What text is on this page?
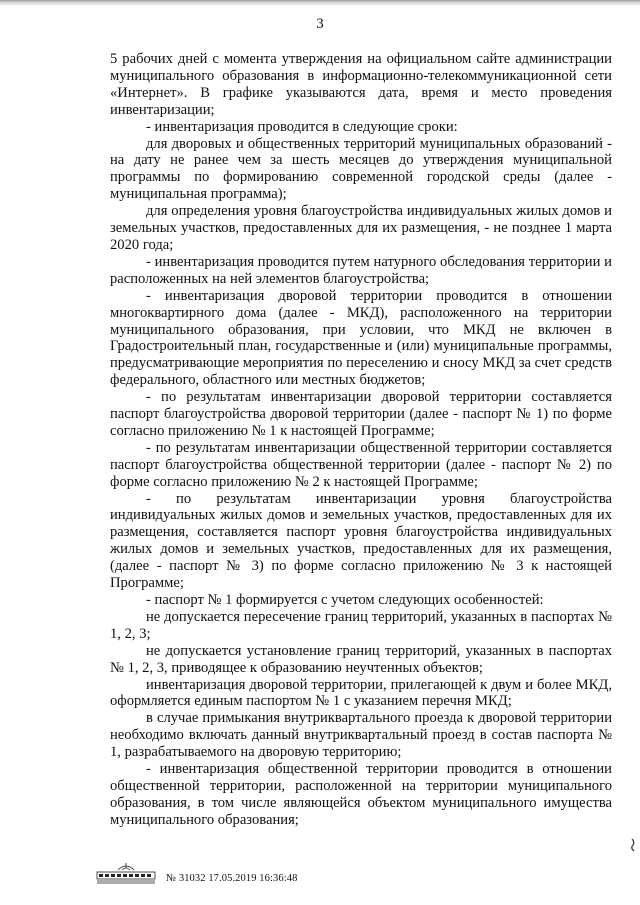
3

5 рабочих дней с момента утверждения на официальном сайте администрации муниципального образования в информационно-телекоммуникационной сети «Интернет». В графике указываются дата, время и место проведения инвентаризации;

- инвентаризация проводится в следующие сроки:

для дворовых и общественных территорий муниципальных образований - на дату не ранее чем за шесть месяцев до утверждения муниципальной программы по формированию современной городской среды (далее - муниципальная программа);

для определения уровня благоустройства индивидуальных жилых домов и земельных участков, предоставленных для их размещения, - не позднее 1 марта 2020 года;

- инвентаризация проводится путем натурного обследования территории и расположенных на ней элементов благоустройства;

- инвентаризация дворовой территории проводится в отношении многоквартирного дома (далее - МКД), расположенного на территории муниципального образования, при условии, что МКД не включен в Градостроительный план, государственные и (или) муниципальные программы, предусматривающие мероприятия по переселению и сносу МКД за счет средств федерального, областного или местных бюджетов;

- по результатам инвентаризации дворовой территории составляется паспорт благоустройства дворовой территории (далее - паспорт № 1) по форме согласно приложению № 1 к настоящей Программе;

- по результатам инвентаризации общественной территории составляется паспорт благоустройства общественной территории (далее - паспорт № 2) по форме согласно приложению № 2 к настоящей Программе;

- по результатам инвентаризации уровня благоустройства индивидуальных жилых домов и земельных участков, предоставленных для их размещения, составляется паспорт уровня благоустройства индивидуальных жилых домов и земельных участков, предоставленных для их размещения, (далее - паспорт № 3) по форме согласно приложению № 3 к настоящей Программе;

- паспорт № 1 формируется с учетом следующих особенностей:

не допускается пересечение границ территорий, указанных в паспортах № 1, 2, 3;

не допускается установление границ территорий, указанных в паспортах № 1, 2, 3, приводящее к образованию неучтенных объектов;

инвентаризация дворовой территории, прилегающей к двум и более МКД, оформляется единым паспортом № 1 с указанием перечня МКД;

в случае примыкания внутриквартального проезда к дворовой территории необходимо включать данный внутриквартальный проезд в состав паспорта № 1, разрабатываемого на дворовую территорию;

- инвентаризация общественной территории проводится в отношении общественной территории, расположенной на территории муниципального образования, в том числе являющейся объектом муниципального имущества муниципального образования;

№ 31032 17.05.2019 16:36:48
